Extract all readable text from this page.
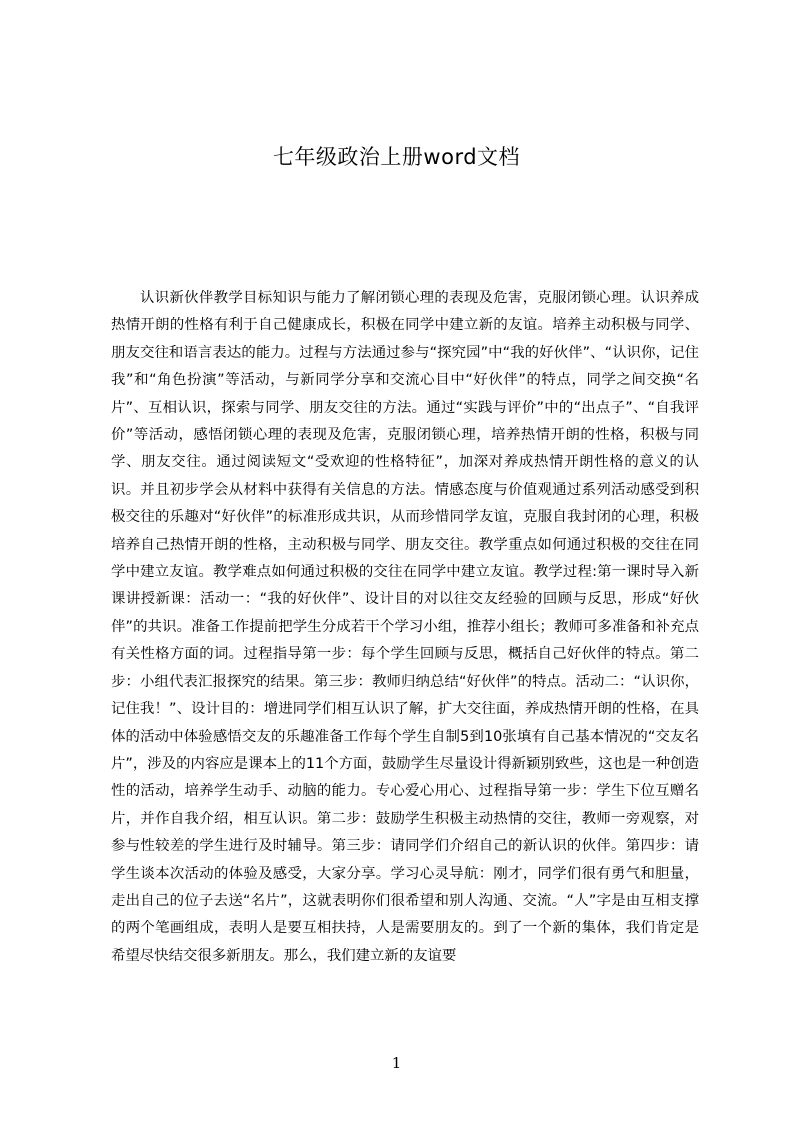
七年级政治上册word文档

认识新伙伴教学目标知识与能力了解闭锁心理的表现及危害，克服闭锁心理。认识养成热情开朗的性格有利于自己健康成长，积极在同学中建立新的友谊。培养主动积极与同学、朋友交往和语言表达的能力。过程与方法通过参与“探究园”中“我的好伙伴”、“认识你，记住我”和“角色扮演”等活动，与新同学分享和交流心目中“好伙伴”的特点，同学之间交换“名片”、互相认识，探索与同学、朋友交往的方法。通过“实践与评价”中的“出点子”、“自我评价”等活动，感悟闭锁心理的表现及危害，克服闭锁心理，培养热情开朗的性格，积极与同学、朋友交往。通过阅读短文“受欢迎的性格特征”，加深对养成热情开朗性格的意义的认识。并且初步学会从材料中获得有关信息的方法。情感态度与价值观通过系列活动感受到积极交往的乐趣对“好伙伴”的标准形成共识，从而珍惜同学友谊，克服自我封闭的心理，积极培养自己热情开朗的性格，主动积极与同学、朋友交往。教学重点如何通过积极的交往在同学中建立友谊。教学难点如何通过积极的交往在同学中建立友谊。教学过程:第一课时导入新课讲授新课：活动一：“我的好伙伴”、设计目的对以往交友经验的回顾与反思，形成“好伙伴”的共识。准备工作提前把学生分成若干个学习小组，推荐小组长；教师可多准备和补充点有关性格方面的词。过程指导第一步：每个学生回顾与反思，概括自己好伙伴的特点。第二步：小组代表汇报探究的结果。第三步：教师归纳总结“好伙伴”的特点。活动二：“认识你，记住我！”、设计目的：增进同学们相互认识了解，扩大交往面，养成热情开朗的性格，在具体的活动中体验感悟交友的乐趣准备工作每个学生自制5到10张填有自己基本情况的“交友名片”，涉及的内容应是课本上的11个方面，鼓励学生尽量设计得新颖别致些，这也是一种创造性的活动，培养学生动手、动脑的能力。专心爱心用心、过程指导第一步：学生下位互赠名片，并作自我介绍，相互认识。第二步：鼓励学生积极主动热情的交往，教师一旁观察，对参与性较差的学生进行及时辅导。第三步：请同学们介绍自己的新认识的伙伴。第四步：请学生谈本次活动的体验及感受，大家分享。学习心灵导航：刚才，同学们很有勇气和胆量，走出自己的位子去送“名片”，这就表明你们很希望和别人沟通、交流。“人”字是由互相支撑的两个笔画组成，表明人是要互相扶持，人是需要朋友的。到了一个新的集体，我们肯定是希望尽快结交很多新朋友。那么，我们建立新的友谊要

1
